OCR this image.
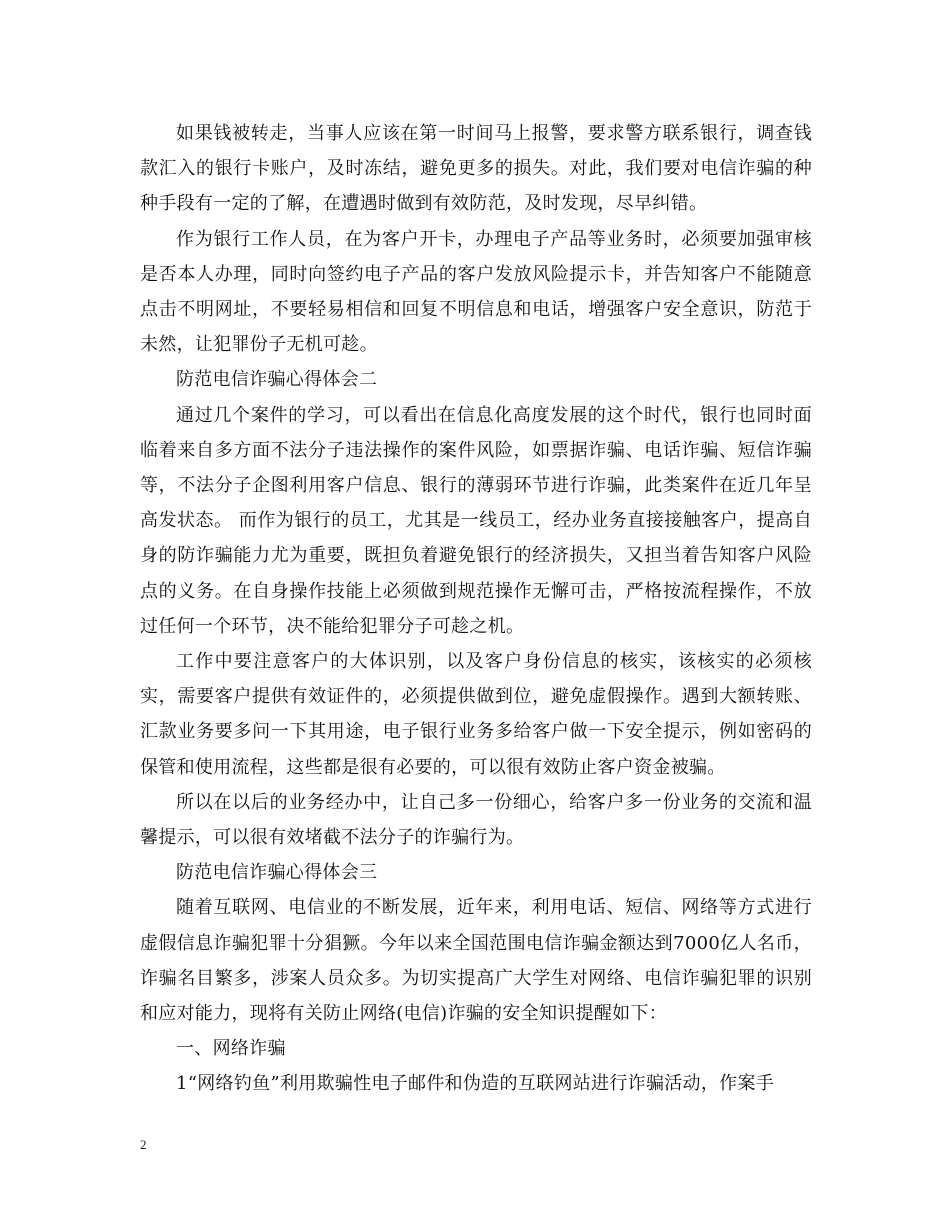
如果钱被转走，当事人应该在第一时间马上报警，要求警方联系银行，调查钱款汇入的银行卡账户，及时冻结，避免更多的损失。对此，我们要对电信诈骗的种种手段有一定的了解，在遭遇时做到有效防范，及时发现，尽早纠错。

作为银行工作人员，在为客户开卡，办理电子产品等业务时，必须要加强审核是否本人办理，同时向签约电子产品的客户发放风险提示卡，并告知客户不能随意点击不明网址，不要轻易相信和回复不明信息和电话，增强客户安全意识，防范于未然，让犯罪份子无机可趁。

防范电信诈骗心得体会二

通过几个案件的学习，可以看出在信息化高度发展的这个时代，银行也同时面临着来自多方面不法分子违法操作的案件风险，如票据诈骗、电话诈骗、短信诈骗等，不法分子企图利用客户信息、银行的薄弱环节进行诈骗，此类案件在近几年呈高发状态。 而作为银行的员工，尤其是一线员工，经办业务直接接触客户，提高自身的防诈骗能力尤为重要，既担负着避免银行的经济损失，又担当着告知客户风险点的义务。在自身操作技能上必须做到规范操作无懈可击，严格按流程操作，不放过任何一个环节，决不能给犯罪分子可趁之机。

工作中要注意客户的大体识别，以及客户身份信息的核实，该核实的必须核实，需要客户提供有效证件的，必须提供做到位，避免虚假操作。遇到大额转账、汇款业务要多问一下其用途，电子银行业务多给客户做一下安全提示，例如密码的保管和使用流程，这些都是很有必要的，可以很有效防止客户资金被骗。

所以在以后的业务经办中，让自己多一份细心，给客户多一份业务的交流和温馨提示，可以很有效堵截不法分子的诈骗行为。

防范电信诈骗心得体会三

随着互联网、电信业的不断发展，近年来，利用电话、短信、网络等方式进行虚假信息诈骗犯罪十分猖獗。今年以来全国范围电信诈骗金额达到7000亿人名币，诈骗名目繁多，涉案人员众多。为切实提高广大学生对网络、电信诈骗犯罪的识别和应对能力，现将有关防止网络(电信)诈骗的安全知识提醒如下：

一、网络诈骗

1“网络钓鱼”利用欺骗性电子邮件和伪造的互联网站进行诈骗活动，作案手

2
